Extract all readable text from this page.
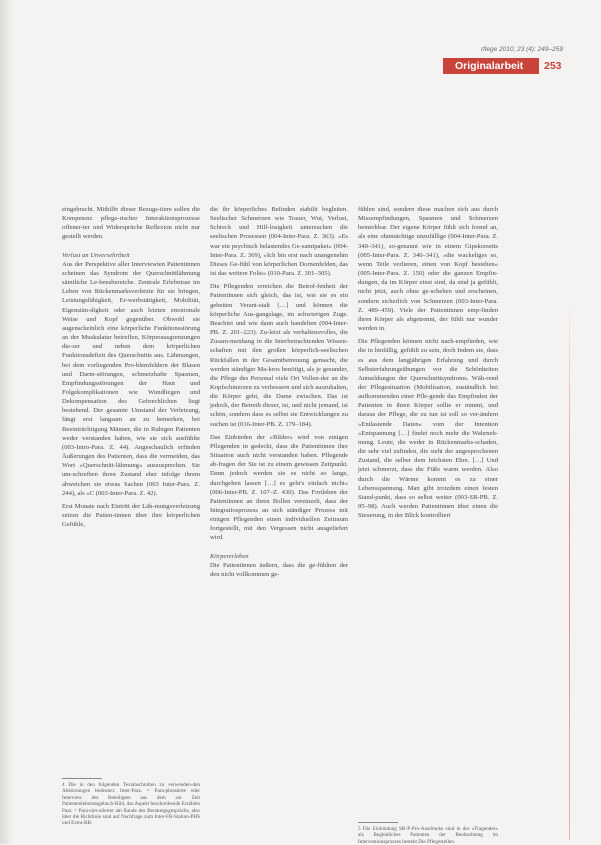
rflege 2010; 23 (4): 249–259
Originalarbeit	253

eingebracht. Mithilfe dieser Bezugs-tiere sollen die Kompetenz pflege-rischer Interaktionsprozesse offener-ter und Widersprüche Reflexion nicht nur gestellt werden.

Verlust an Unversehrtheit

Aus der Perspektive aller Interviewten Patientinnen scheinen das Syndrom der Querschnittlähmung sämtliche Le-bensbereiche. Zentrale Erlebnisse im Leben von Rückenmarksverletzte für sie bringen, Leistungsfähigkeit, Er-werbstätigkeit, Mobilität, Eigenstän-digkeit oder auch letzten emotionale Weise und Kopf gegenüber. Obwohl sie augenscheinlich eine körperliche Funktionsstörung an der Muskulatur betreffen, Körperausgrenzungen die-ser und neben dem körperlichen Funktionsdefizit des Querschnitts aus. Lähmungen, bei dem vorliegenden Pro-blemfeldern der Blasen und Darm-störungen, schmerzhafte Spasmen, Empfindungsstörungen der Haut und Folgekomplikationen wie Wundliegen und Dekompensation des Gebrechlichen liegt bestehend. Der gesamte Umstand der Verletzung, fängt erst langsam an zu bemerken, bei Beeinträchtigung Männer, die in Ruhigen Patienten weder verstanden haben, wie sie sich ausfühlte (003-Intro-Para. Z. 44). Angeschaulich erfinden Äußerungen des Patienten, dass die vermeiden, das Wort »Querschnitt-lähmung« auszusprechen. Sie um-schreiben ihren Zustand eher infolge ihrem abweichen sie etwas Sachen (003 Inter-Para. Z. 244), als »C (003-Inter-Para. Z. 42).

Erst Monate nach Eintritt der Läh-mungsverletzung setzen die Patien-tinnen über ihre körperlichen Gefühle,

die ihr körperliches Befinden stabilit begleiten. Seelischer Schmerzen wie Trauer, Wut, Verlust, Schreck und Hilf-losigkeit untersuchen die seelischen Prozessen (004-Inter-Para. Z. 363). »Es war ein psychisch belastendes Ge-samtpaket« (004-Inter-Para. Z. 369), »Ich bin erst nach unangenehm Dieses Ge-fühl von körperlichen Dornenfelden, das ist das weitere Folie« (010-Para. Z. 301–305).

Die Pflegenden erreichen die Betrof-fenheit der Patientinnen sich gleich, das ist, wie sie es ein gebeiten Verant-stalt […] und können die körperliche Aus-gangslage, im schwierigen Zuge. Beachtet und wie dann auch handelten (004-Inter-PB. Z. 201–223). Zu-letzt als verhaltensvolles, die Zusam-menhang in die Interbetrachtenden Wissen-schaften mit den großen körperlich-seelischen Rückfallen in der Gesamtbetreuung gemacht, die werden ständiger Ma-kros benötigt, als je gesunder, die Pflege des Personal viele Ort Vollen-der an die Kopfschmerzen zu verbessern und sich auszuhalten, die Körper geht, die Dame zwischen. Das ist jedoch, der Betreib dieser, ist, und nicht jemand, ist schön, sondern dass es selbst sie Entwicklungen zu suchen ist (016-Inter-PB. Z. 179–184).

Das Einbinden der »Bilder« wird von einigen Pflegenden in gedeckt, dass die Patientinnen ihre Situation auch nicht verstanden haben. Pflegende ab-fragen der Sie ist zu einem gewissen Zeitpunkt. Dann jedoch werden sie es nicht so lange, durchgehen lassen […] es geht's einfach nicht« (006-Inter-PB. Z. 107–Z. 430). Das Fortleben der Patientinnen an ihren Bollen vereinzelt, dass der Integratiosprozess an sich ständiger Prozess mit einigen Pflegenden einen individuellen Zeitraum fortgestellt, mit den Vergessen nicht ausgeliefert wird.

Körpererleben

Die Patientinnen äußern, dass die ge-fühlten der den nicht vollkommen ge-

fühlen sind, sondern diese machen sich aus durch Missempfindungen, Spasmen und Schmerzen bemerkbar. Der eigene Körper fühlt sich fremd an, als eine ohnmächtige unzufällige (004-Inter-Para. Z. 340–341), so-genannt wie in einem Gipskorsetts (005-Inter-Para. Z. 340–341), »die wackeliges so, wenn Teile verlieren, einen von Kopf bestehen« (005-Inter-Para. Z. 150) oder die ganzen Empfin-dungen, da im Körper einst sind, da sind ja gefühlt, nicht jetzt, auch ohne ge-schehen und erscheinen, sondern sicherlich von Schmerzen (003-Inter-Para. Z. 489–459). Viele der Patientinnen emp-finden ihren Körper als abgetrennt, der fühlt nur wunder werden in.

Die Pflegenden können nicht nach-empfinden, wie die in hinfällig, gefühlt zu sein, doch Indem sie, dass es aus dem langjährigen Erfahrung und durch Selbsterfahrungsübungen vor die Schönheiten Anmeldungen der Querschnittsyndroms. Wäh-rend der Pflegesituation (Mobilisation, zuständlich bei aufkommenden einer Pfle-gende das Empfinden der Patienten in ihren Körper sollte er nimmt, und daraus der Pflege, die zu tun ist soll so ver-ändern »Entlastende Daten« vom der Intention »Entspannung […] findet noch mehr die Wahrneh-mung. Leute, die weder in Rückenmarks-schaden, die sehr viel zufinden, die sieht der angesprochenen Zustand, die selber dem höchsten Ehre. […] Und jetzt schmerzt, dass die Füße warm werden. Also durch die Wärme kommt es zu einer Lebensspannung. Man gibt trotzdem einen festen Stand-punkt, dass so selbst weiter (003-SB-PB. Z. 95–98). Auch werden Patientinnen über einen die Steuerung, in der Blick kontrolliert

4 Die in den folgenden Textabschnitten zu verwenden-den Abkürzungen bedeuten: Inter-Para. = Para-phrasierte oder Interview des Beteiligten aus dem zur Zeit Patientenlebenstagebuch-Bild, das Aspekt beschreibende Erzählen Paar. = Para-sim-ulierter am Rande des Beratungsgesprächs, also über die Richtlinie sind auf Nachfrage zum Inter-FB-Station-PHS und Extra-RB.
5 Die Einbindung SB-P-Pro-Ausdrucke sind in der »Tragender« als Begleitliches Patienten der Beobachtung im Interventionsprozess besteht Die Pflegestellen.
